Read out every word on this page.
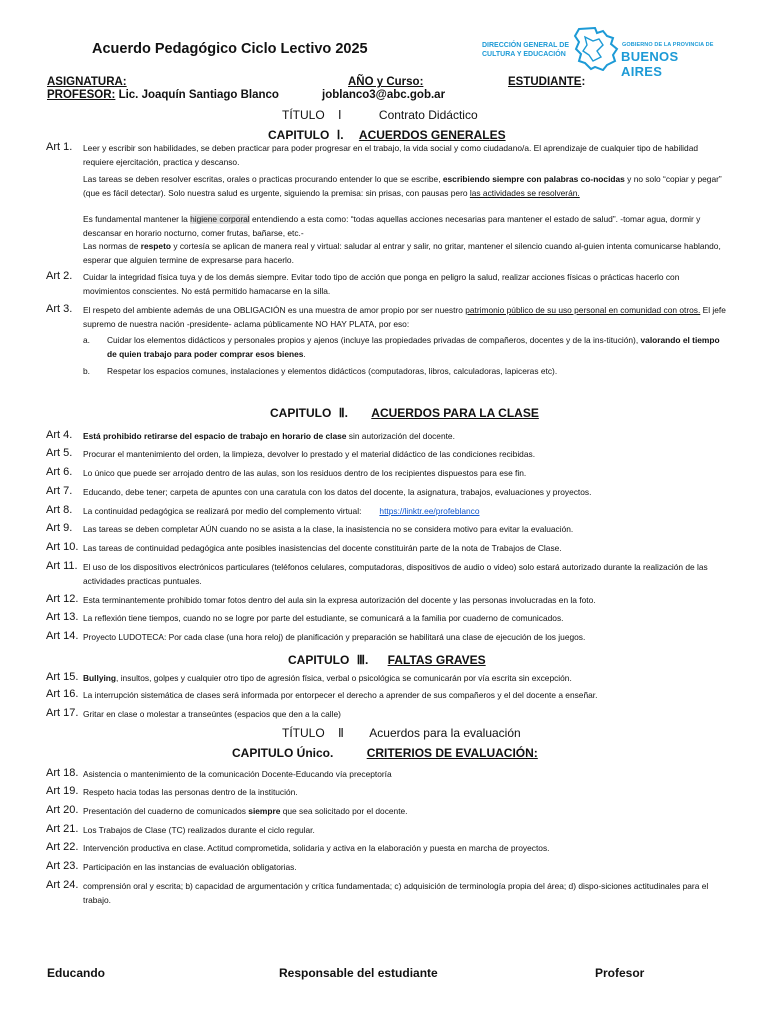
Acuerdo Pedagógico Ciclo Lectivo 2025	DIRECCIÓN GENERAL DE
CULTURA Y EDUCACIÓN
GOBIERNO DE LA PROVINCIA DE
BUENOS AIRES
ASIGNATURA:	AÑO y Curso:	ESTUDIANTE:
PROFESOR: Lic. Joaquín Santiago Blanco	joblanco3@abc.gob.ar
TÍTULO Ⅰ	Contrato Didáctico
CAPITULO Ⅰ. ACUERDOS GENERALES
Art 1. Leer y escribir son habilidades, se deben practicar para poder progresar en el trabajo, la vida social y como ciudadano/a. El aprendizaje de cualquier tipo de habilidad requiere ejercitación, practica y descanso.
Las tareas se deben resolver escritas, orales o practicas procurando entender lo que se escribe, escribiendo siempre con palabras co-nocidas y no solo “copiar y pegar” (que es fácil detectar). Solo nuestra salud es urgente, siguiendo la premisa: sin prisas, con pausas pero las actividades se resolverán.
Es fundamental mantener la higiene corporal entendiendo a esta como: “todas aquellas acciones necesarias para mantener el estado de salud”. -tomar agua, dormir y descansar en horario nocturno, comer frutas, bañarse, etc.-
Las normas de respeto y cortesía se aplican de manera real y virtual: saludar al entrar y salir, no gritar, mantener el silencio cuando al-guien intenta comunicarse hablando, esperar que alguien termine de expresarse para hacerlo.
Art 2. Cuidar la integridad física tuya y de los demás siempre. Evitar todo tipo de acción que ponga en peligro la salud, realizar acciones físicas o prácticas hacerlo con movimientos conscientes. No está permitido hamacarse en la silla.
Art 3. El respeto del ambiente además de una OBLIGACIÓN es una muestra de amor propio por ser nuestro patrimonio público de su uso personal en comunidad con otros. El jefe supremo de nuestra nación -presidente- aclama públicamente NO HAY PLATA, por eso:
a. Cuidar los elementos didácticos y personales propios y ajenos (incluye las propiedades privadas de compañeros, docentes y de la ins-titución), valorando el tiempo de quien trabajo para poder comprar esos bienes.
b. Respetar los espacios comunes, instalaciones y elementos didácticos (computadoras, libros, calculadoras, lapiceras etc).
CAPITULO Ⅱ. ACUERDOS PARA LA CLASE
Art 4. Está prohibido retirarse del espacio de trabajo en horario de clase sin autorización del docente.
Art 5. Procurar el mantenimiento del orden, la limpieza, devolver lo prestado y el material didáctico de las condiciones recibidas.
Art 6. Lo único que puede ser arrojado dentro de las aulas, son los residuos dentro de los recipientes dispuestos para ese fin.
Art 7. Educando, debe tener; carpeta de apuntes con una caratula con los datos del docente, la asignatura, trabajos, evaluaciones y proyectos.
Art 8. La continuidad pedagógica se realizará por medio del complemento virtual: https://linktr.ee/profeblanco
Art 9. Las tareas se deben completar AÚN cuando no se asista a la clase, la inasistencia no se considera motivo para evitar la evaluación.
Art 10. Las tareas de continuidad pedagógica ante posibles inasistencias del docente constituirán parte de la nota de Trabajos de Clase.
Art 11. El uso de los dispositivos electrónicos particulares (teléfonos celulares, computadoras, dispositivos de audio o video) solo estará autorizado durante la realización de las actividades practicas puntuales.
Art 12. Esta terminantemente prohibido tomar fotos dentro del aula sin la expresa autorización del docente y las personas involucradas en la foto.
Art 13. La reflexión tiene tiempos, cuando no se logre por parte del estudiante, se comunicará a la familia por cuaderno de comunicados.
Art 14. Proyecto LUDOTECA: Por cada clase (una hora reloj) de planificación y preparación se habilitará una clase de ejecución de los juegos.
CAPITULO Ⅲ. FALTAS GRAVES
Art 15. Bullying, insultos, golpes y cualquier otro tipo de agresión física, verbal o psicológica se comunicarán por vía escrita sin excepción.
Art 16. La interrupción sistemática de clases será informada por entorpecer el derecho a aprender de sus compañeros y el del docente a enseñar.
Art 17. Gritar en clase o molestar a transeúntes (espacios que den a la calle)
TÍTULO Ⅱ Acuerdos para la evaluación
CAPITULO Único.	CRITERIOS DE EVALUACIÓN:
Art 18. Asistencia o mantenimiento de la comunicación Docente-Educando vía preceptoría
Art 19. Respeto hacia todas las personas dentro de la institución.
Art 20. Presentación del cuaderno de comunicados siempre que sea solicitado por el docente.
Art 21. Los Trabajos de Clase (TC) realizados durante el ciclo regular.
Art 22. Intervención productiva en clase. Actitud comprometida, solidaria y activa en la elaboración y puesta en marcha de proyectos.
Art 23. Participación en las instancias de evaluación obligatorias.
Art 24. comprensión oral y escrita; b) capacidad de argumentación y crítica fundamentada; c) adquisición de terminología propia del área; d) dispo-siciones actitudinales para el trabajo.
Educando	Responsable del estudiante	Profesor
